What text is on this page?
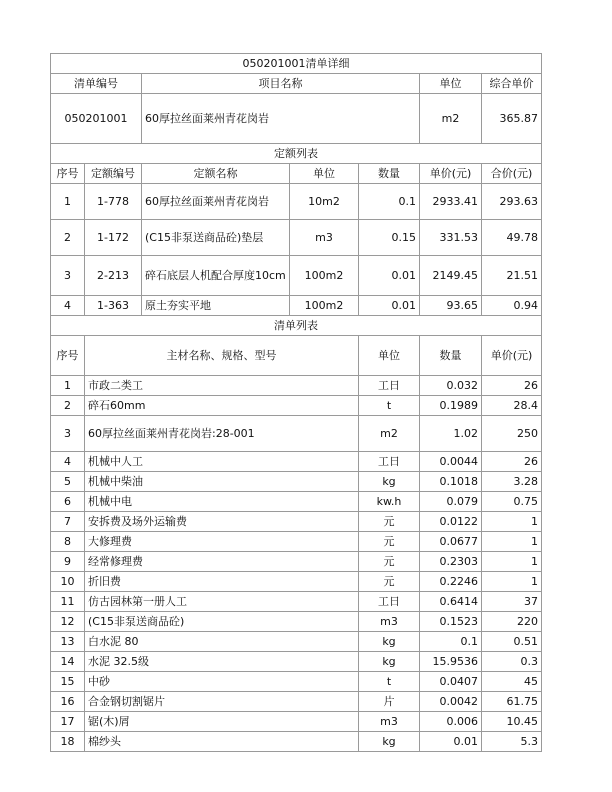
050201001清单详细							
清单编号		项目名称			单位	综合单价	
050201001		60厚拉丝面莱州青花岗岩			m2	365.87	
定额列表							
序号	定额编号	定额名称	单位	数量	单价(元)	合价(元)	
1	1-778	60厚拉丝面莱州青花岗岩	10m2	0.1	2933.41	293.63	
2	1-172	(C15非泵送商品砼)垫层	m3	0.15	331.53	49.78	
3	2-213	碎石底层人机配合厚度10cm	100m2	0.01	2149.45	21.51	
4	1-363	原土夯实平地	100m2	0.01	93.65	0.94	
清单列表							
序号	主材名称、规格、型号			单位	数量	单价(元)	
1	市政二类工			工日	0.032	26	
2	碎石60mm			t	0.1989	28.4	
3	60厚拉丝面莱州青花岗岩:28-001			m2	1.02	250	
4	机械中人工			工日	0.0044	26	
5	机械中柴油			kg	0.1018	3.28	
6	机械中电			kw.h	0.079	0.75	
7	安拆费及场外运输费			元	0.0122	1	
8	大修理费			元	0.0677	1	
9	经常修理费			元	0.2303	1	
10	折旧费			元	0.2246	1	
11	仿古园林第一册人工			工日	0.6414	37	
12	(C15非泵送商品砼)			m3	0.1523	220	
13	白水泥 80			kg	0.1	0.51	
14	水泥 32.5级			kg	15.9536	0.3	
15	中砂			t	0.0407	45	
16	合金钢切割锯片			片	0.0042	61.75	
17	锯(木)屑			m3	0.006	10.45	
18	棉纱头			kg	0.01	5.3	
